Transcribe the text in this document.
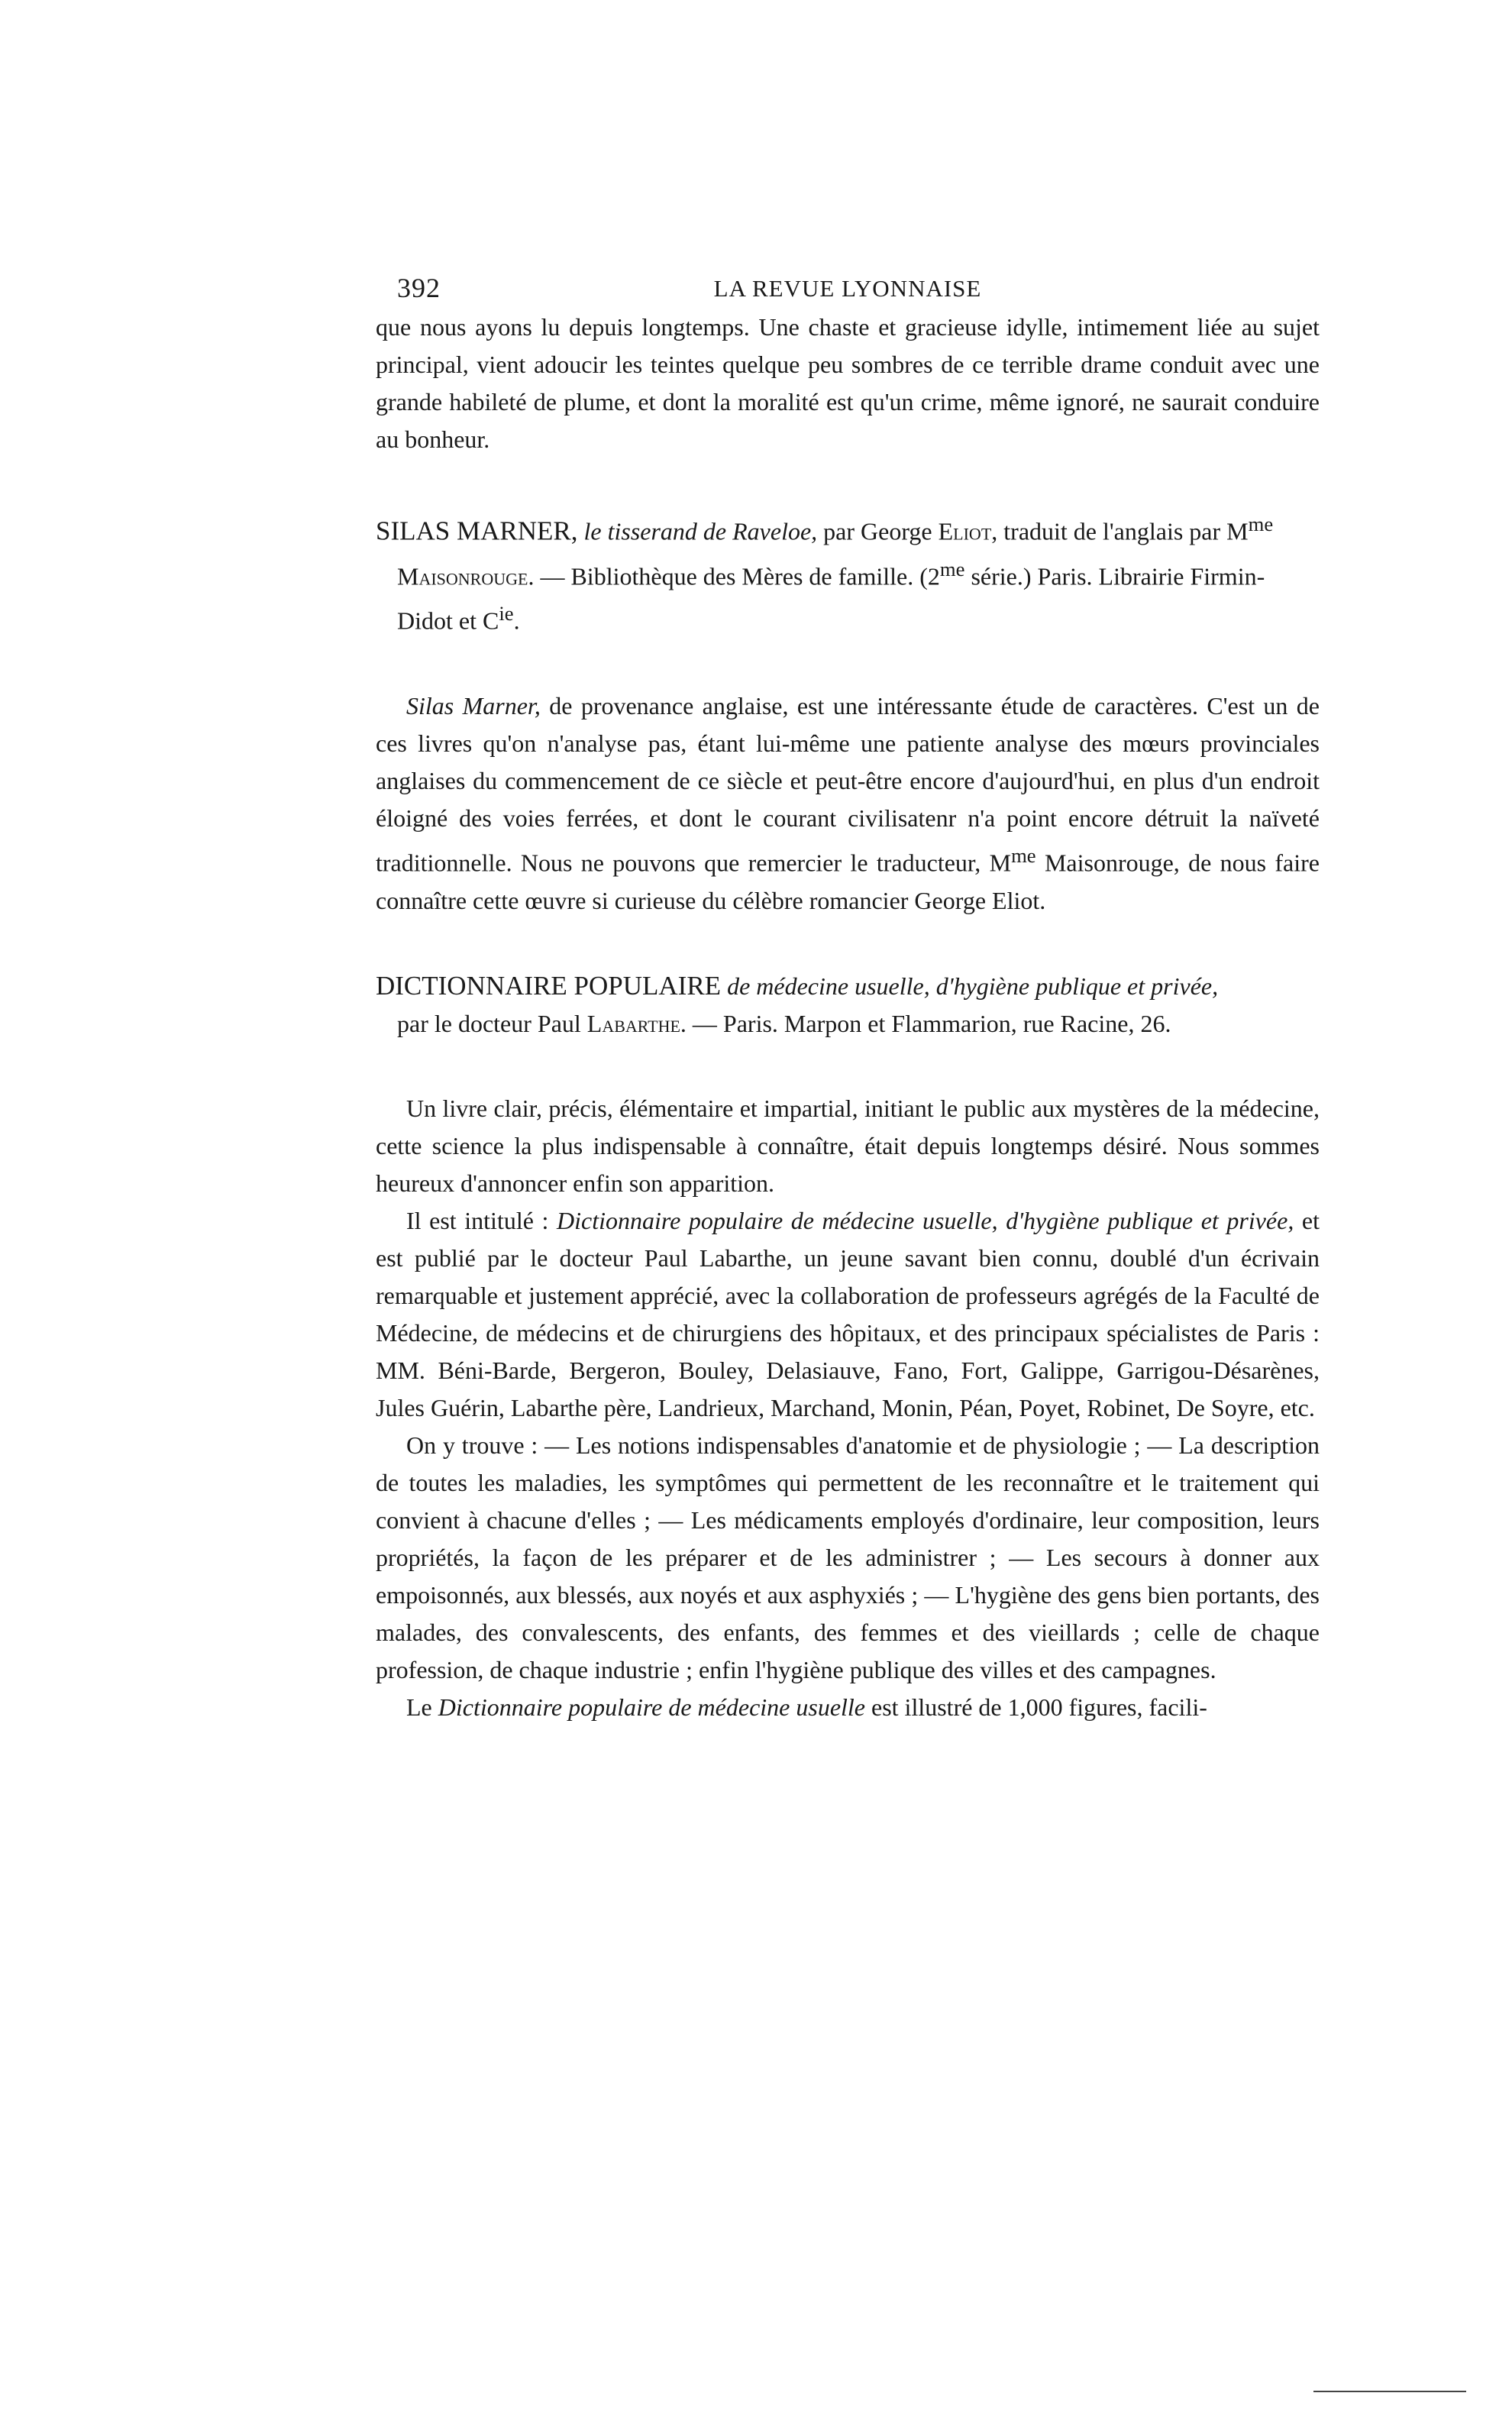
392	LA REVUE LYONNAISE

que nous ayons lu depuis longtemps. Une chaste et gracieuse idylle, intimement liée au sujet principal, vient adoucir les teintes quelque peu sombres de ce terrible drame conduit avec une grande habileté de plume, et dont la moralité est qu'un crime, même ignoré, ne saurait conduire au bonheur.

SILAS MARNER, le tisserand de Raveloe, par George Eliot, traduit de l'anglais par $M^{me}$ Maisonrouge. — Bibliothèque des Mères de famille. ($2^{me}$ série.) Paris. Librairie Firmin-Didot et $C^{ie}$.

Silas Marner, de provenance anglaise, est une intéressante étude de caractères. C'est un de ces livres qu'on n'analyse pas, étant lui-même une patiente analyse des mœurs provinciales anglaises du commencement de ce siècle et peut-être encore d'aujourd'hui, en plus d'un endroit éloigné des voies ferrées, et dont le courant civilisatenr n'a point encore détruit la naïveté traditionnelle. Nous ne pouvons que remercier le traducteur, $M^{me}$ Maisonrouge, de nous faire connaître cette œuvre si curieuse du célèbre romancier George Eliot.

DICTIONNAIRE POPULAIRE de médecine usuelle, d'hygiène publique et privée,
par le docteur Paul Labarthe. — Paris. Marpon et Flammarion, rue Racine, 26.

Un livre clair, précis, élémentaire et impartial, initiant le public aux mystères de la médecine, cette science la plus indispensable à connaître, était depuis longtemps désiré. Nous sommes heureux d'annoncer enfin son apparition.

Il est intitulé : Dictionnaire populaire de médecine usuelle, d'hygiène publique et privée, et est publié par le docteur Paul Labarthe, un jeune savant bien connu, doublé d'un écrivain remarquable et justement apprécié, avec la collaboration de professeurs agrégés de la Faculté de Médecine, de médecins et de chirurgiens des hôpitaux, et des principaux spécialistes de Paris : MM. Béni-Barde, Bergeron, Bouley, Delasiauve, Fano, Fort, Galippe, Garrigou-Désarènes, Jules Guérin, Labarthe père, Landrieux, Marchand, Monin, Péan, Poyet, Robinet, De Soyre, etc.

On y trouve : — Les notions indispensables d'anatomie et de physiologie ; — La description de toutes les maladies, les symptômes qui permettent de les reconnaître et le traitement qui convient à chacune d'elles ; — Les médicaments employés d'ordinaire, leur composition, leurs propriétés, la façon de les préparer et de les administrer ; — Les secours à donner aux empoisonnés, aux blessés, aux noyés et aux asphyxiés ; — L'hygiène des gens bien portants, des malades, des convalescents, des enfants, des femmes et des vieillards ; celle de chaque profession, de chaque industrie ; enfin l'hygiène publique des villes et des campagnes.

Le Dictionnaire populaire de médecine usuelle est illustré de 1,000 figures, facili-
